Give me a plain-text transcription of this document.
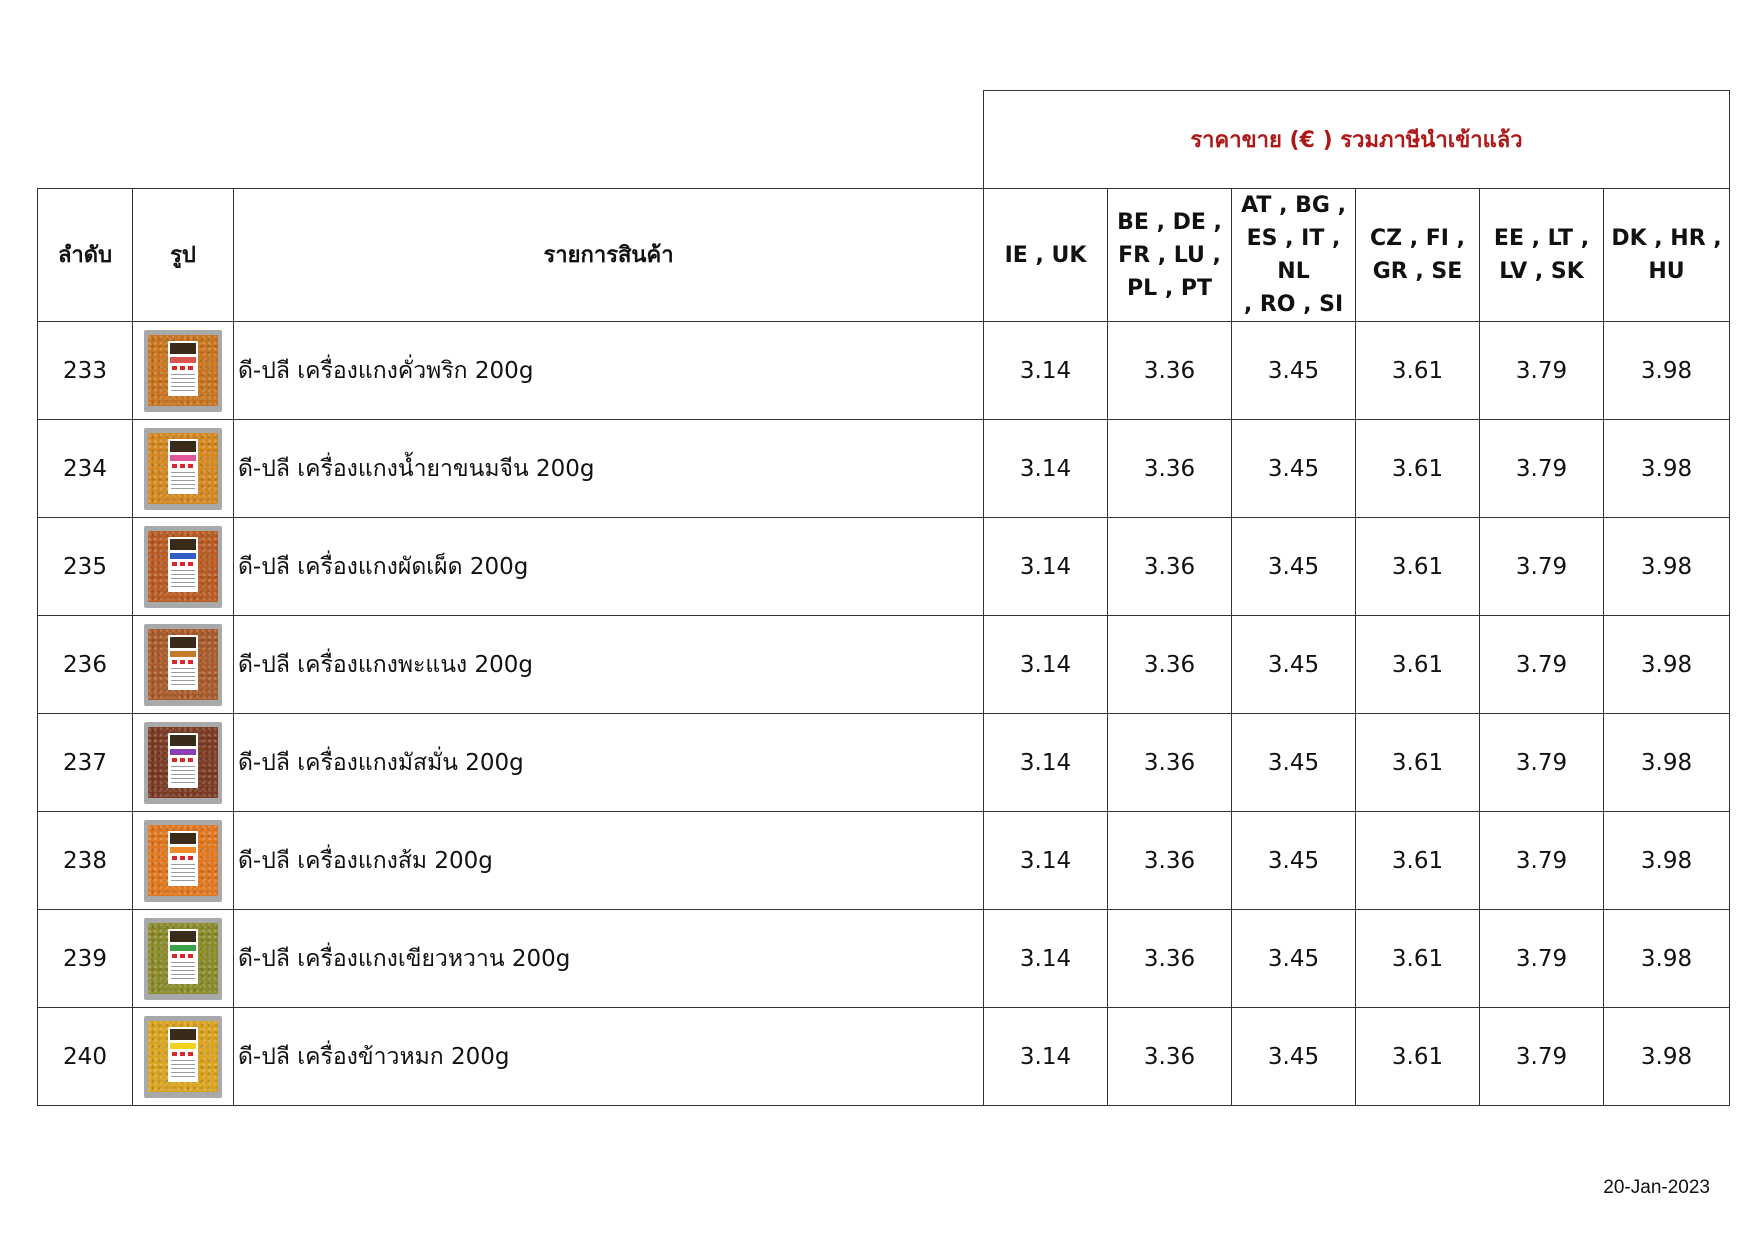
			ราคาขาย (€ ) รวมภาษีนำเข้าแล้ว					
ลำดับ	รูป	รายการสินค้า	IE , UK	BE , DE ,
FR , LU ,
PL , PT	AT , BG ,
ES , IT , NL
, RO , SI	CZ , FI ,
GR , SE	EE , LT ,
LV , SK	DK , HR ,
HU
233		ดี-ปลี เครื่องแกงคั่วพริก 200g	3.14	3.36	3.45	3.61	3.79	3.98
234		ดี-ปลี เครื่องแกงน้ำยาขนมจีน 200g	3.14	3.36	3.45	3.61	3.79	3.98
235		ดี-ปลี เครื่องแกงผัดเผ็ด 200g	3.14	3.36	3.45	3.61	3.79	3.98
236		ดี-ปลี เครื่องแกงพะแนง 200g	3.14	3.36	3.45	3.61	3.79	3.98
237		ดี-ปลี เครื่องแกงมัสมั่น 200g	3.14	3.36	3.45	3.61	3.79	3.98
238		ดี-ปลี เครื่องแกงส้ม 200g	3.14	3.36	3.45	3.61	3.79	3.98
239		ดี-ปลี เครื่องแกงเขียวหวาน 200g	3.14	3.36	3.45	3.61	3.79	3.98
240		ดี-ปลี เครื่องข้าวหมก 200g	3.14	3.36	3.45	3.61	3.79	3.98
20-Jan-2023
